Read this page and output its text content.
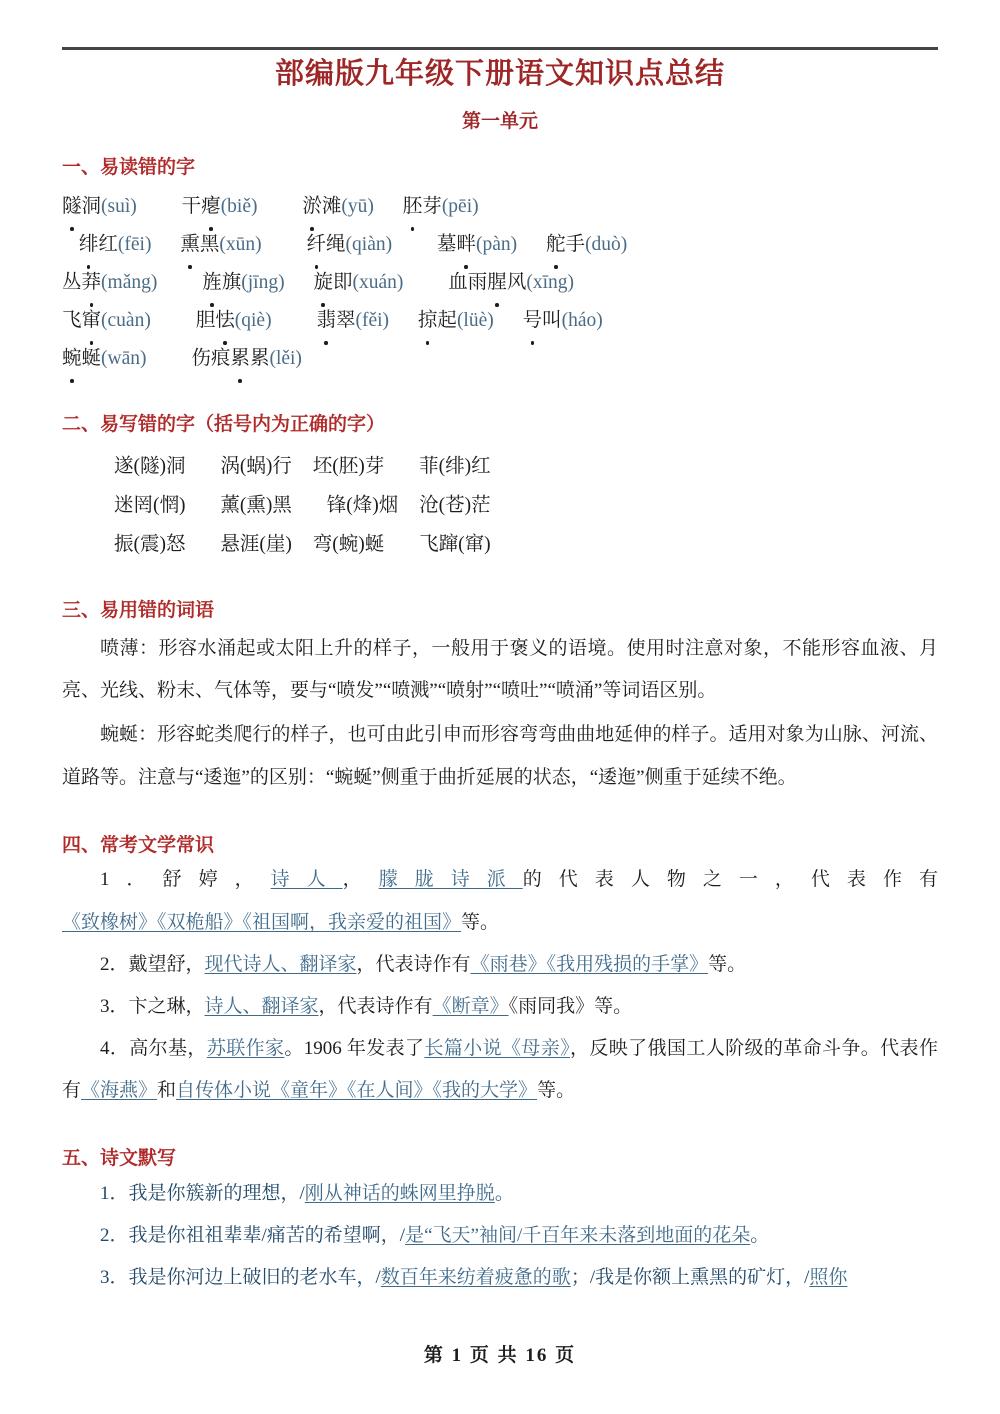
部编版九年级下册语文知识点总结
第一单元
一、易读错的字
隧洞(suì) 干瘪(biě) 淤滩(yū) 胚芽(pēi)
绯红(fēi) 熏黑(xūn) 纤绳(qiàn) 墓畔(pàn) 舵手(duò)
丛莽(mǎng) 旌旗(jīng) 旋即(xuán) 血雨腥风(xīng)
飞窜(cuàn) 胆怯(qiè) 翡翠(fěi) 掠起(lüè) 号叫(háo)
蜿蜒(wān) 伤痕累累(lěi)
二、易写错的字（括号内为正确的字）
遂(隧)洞 涡(蜗)行 坯(胚)芽 菲(绯)红
迷罔(惘) 薰(熏)黑 锋(烽)烟 沧(苍)茫
振(震)怒 悬涯(崖) 弯(蜿)蜒 飞蹿(窜)
三、易用错的词语

喷薄：形容水涌起或太阳上升的样子，一般用于褒义的语境。使用时注意对象，不能形容血液、月亮、光线、粉末、气体等，要与“喷发”“喷溅”“喷射”“喷吐”“喷涌”等词语区别。

蜿蜒：形容蛇类爬行的样子，也可由此引申而形容弯弯曲曲地延伸的样子。适用对象为山脉、河流、道路等。注意与“逶迤”的区别：“蜿蜒”侧重于曲折延展的状态，“逶迤”侧重于延续不绝。

四、常考文学常识

1．舒婷，诗人，朦胧诗派的代表人物之一，代表作有《致橡树》《双桅船》《祖国啊，我亲爱的祖国》等。

2．戴望舒，现代诗人、翻译家，代表诗作有《雨巷》《我用残损的手掌》等。

3．卞之琳，诗人、翻译家，代表诗作有《断章》《雨同我》等。

4．高尔基，苏联作家。1906 年发表了长篇小说《母亲》，反映了俄国工人阶级的革命斗争。代表作有《海燕》和自传体小说《童年》《在人间》《我的大学》等。

五、诗文默写

1．我是你簇新的理想，/刚从神话的蛛网里挣脱。

2．我是你祖祖辈辈/痛苦的希望啊，/是“飞天”袖间/千百年来未落到地面的花朵。

3．我是你河边上破旧的老水车，/数百年来纺着疲惫的歌；/我是你额上熏黑的矿灯，/照你

第 1 页 共 16 页
